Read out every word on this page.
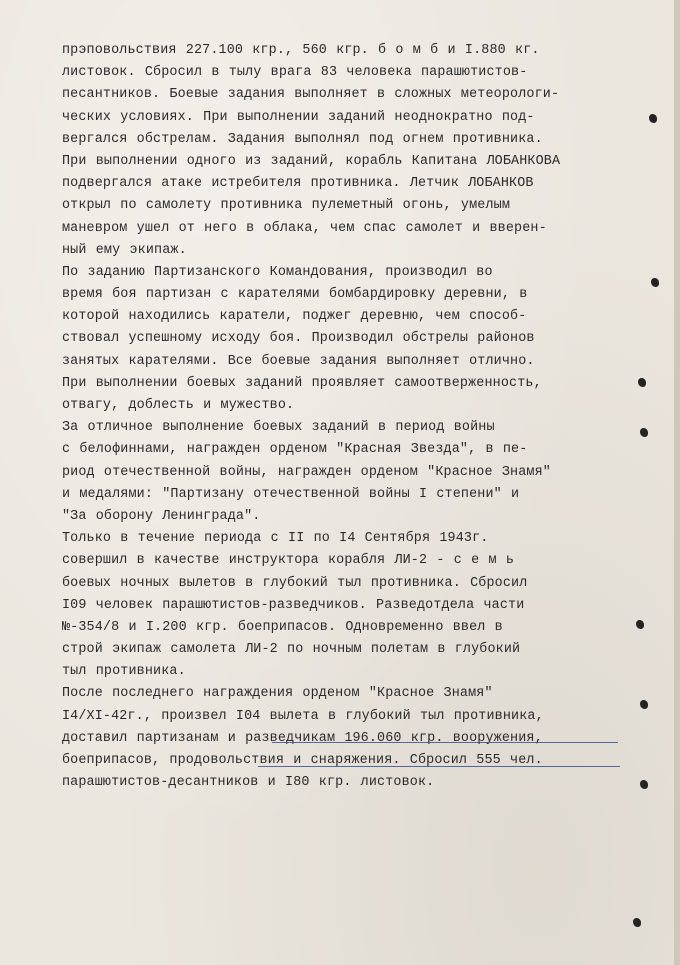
прэповольствия 227.100 кгр., 560 кгр. б о м б и I.880 кг.
листовок. Сбросил в тылу врага 83 человека парашютистов-
песантников. Боевые задания выполняет в сложных метеорологи-
ческих условиях. При выполнении заданий неоднократно под-
вергался обстрелам. Задания выполнял под огнем противника.
При выполнении одного из заданий, корабль Капитана ЛОБАНКОВА
подвергался атаке истребителя противника. Летчик ЛОБАНКОВ
открыл по самолету противника пулеметный огонь, умелым
маневром ушел от него в облака, чем спас самолет и вверен-
ный ему экипаж.
По заданию Партизанского Командования, производил во
время боя партизан с карателями бомбардировку деревни, в
которой находились каратели, поджег деревню, чем способ-
ствовал успешному исходу боя. Производил обстрелы районов
занятых карателями. Все боевые задания выполняет отлично.
При выполнении боевых заданий проявляет самоотверженность,
отвагу, доблесть и мужество.
За отличное выполнение боевых заданий в период войны
с белофиннами, награжден орденом "Красная Звезда", в пе-
риод отечественной войны, награжден орденом "Красное Знамя"
и медалями: "Партизану отечественной войны I степени" и
"За оборону Ленинграда".
Только в течение периода с II по I4 Сентября 1943г.
совершил в качестве инструктора корабля ЛИ-2 - с е м ь
боевых ночных вылетов в глубокий тыл противника. Сбросил
I09 человек парашютистов-разведчиков. Разведотдела части
№-354/8 и I.200 кгр. боеприпасов. Одновременно ввел в
строй экипаж самолета ЛИ-2 по ночным полетам в глубокий
тыл противника.
После последнего награждения орденом "Красное Знамя"
I4/XI-42г., произвел I04 вылета в глубокий тыл противника,
доставил партизанам и разведчикам 196.060 кгр. вооружения,
боеприпасов, продовольствия и снаряжения. Сбросил 555 чел.
парашютистов-десантников и I80 кгр. листовок.
